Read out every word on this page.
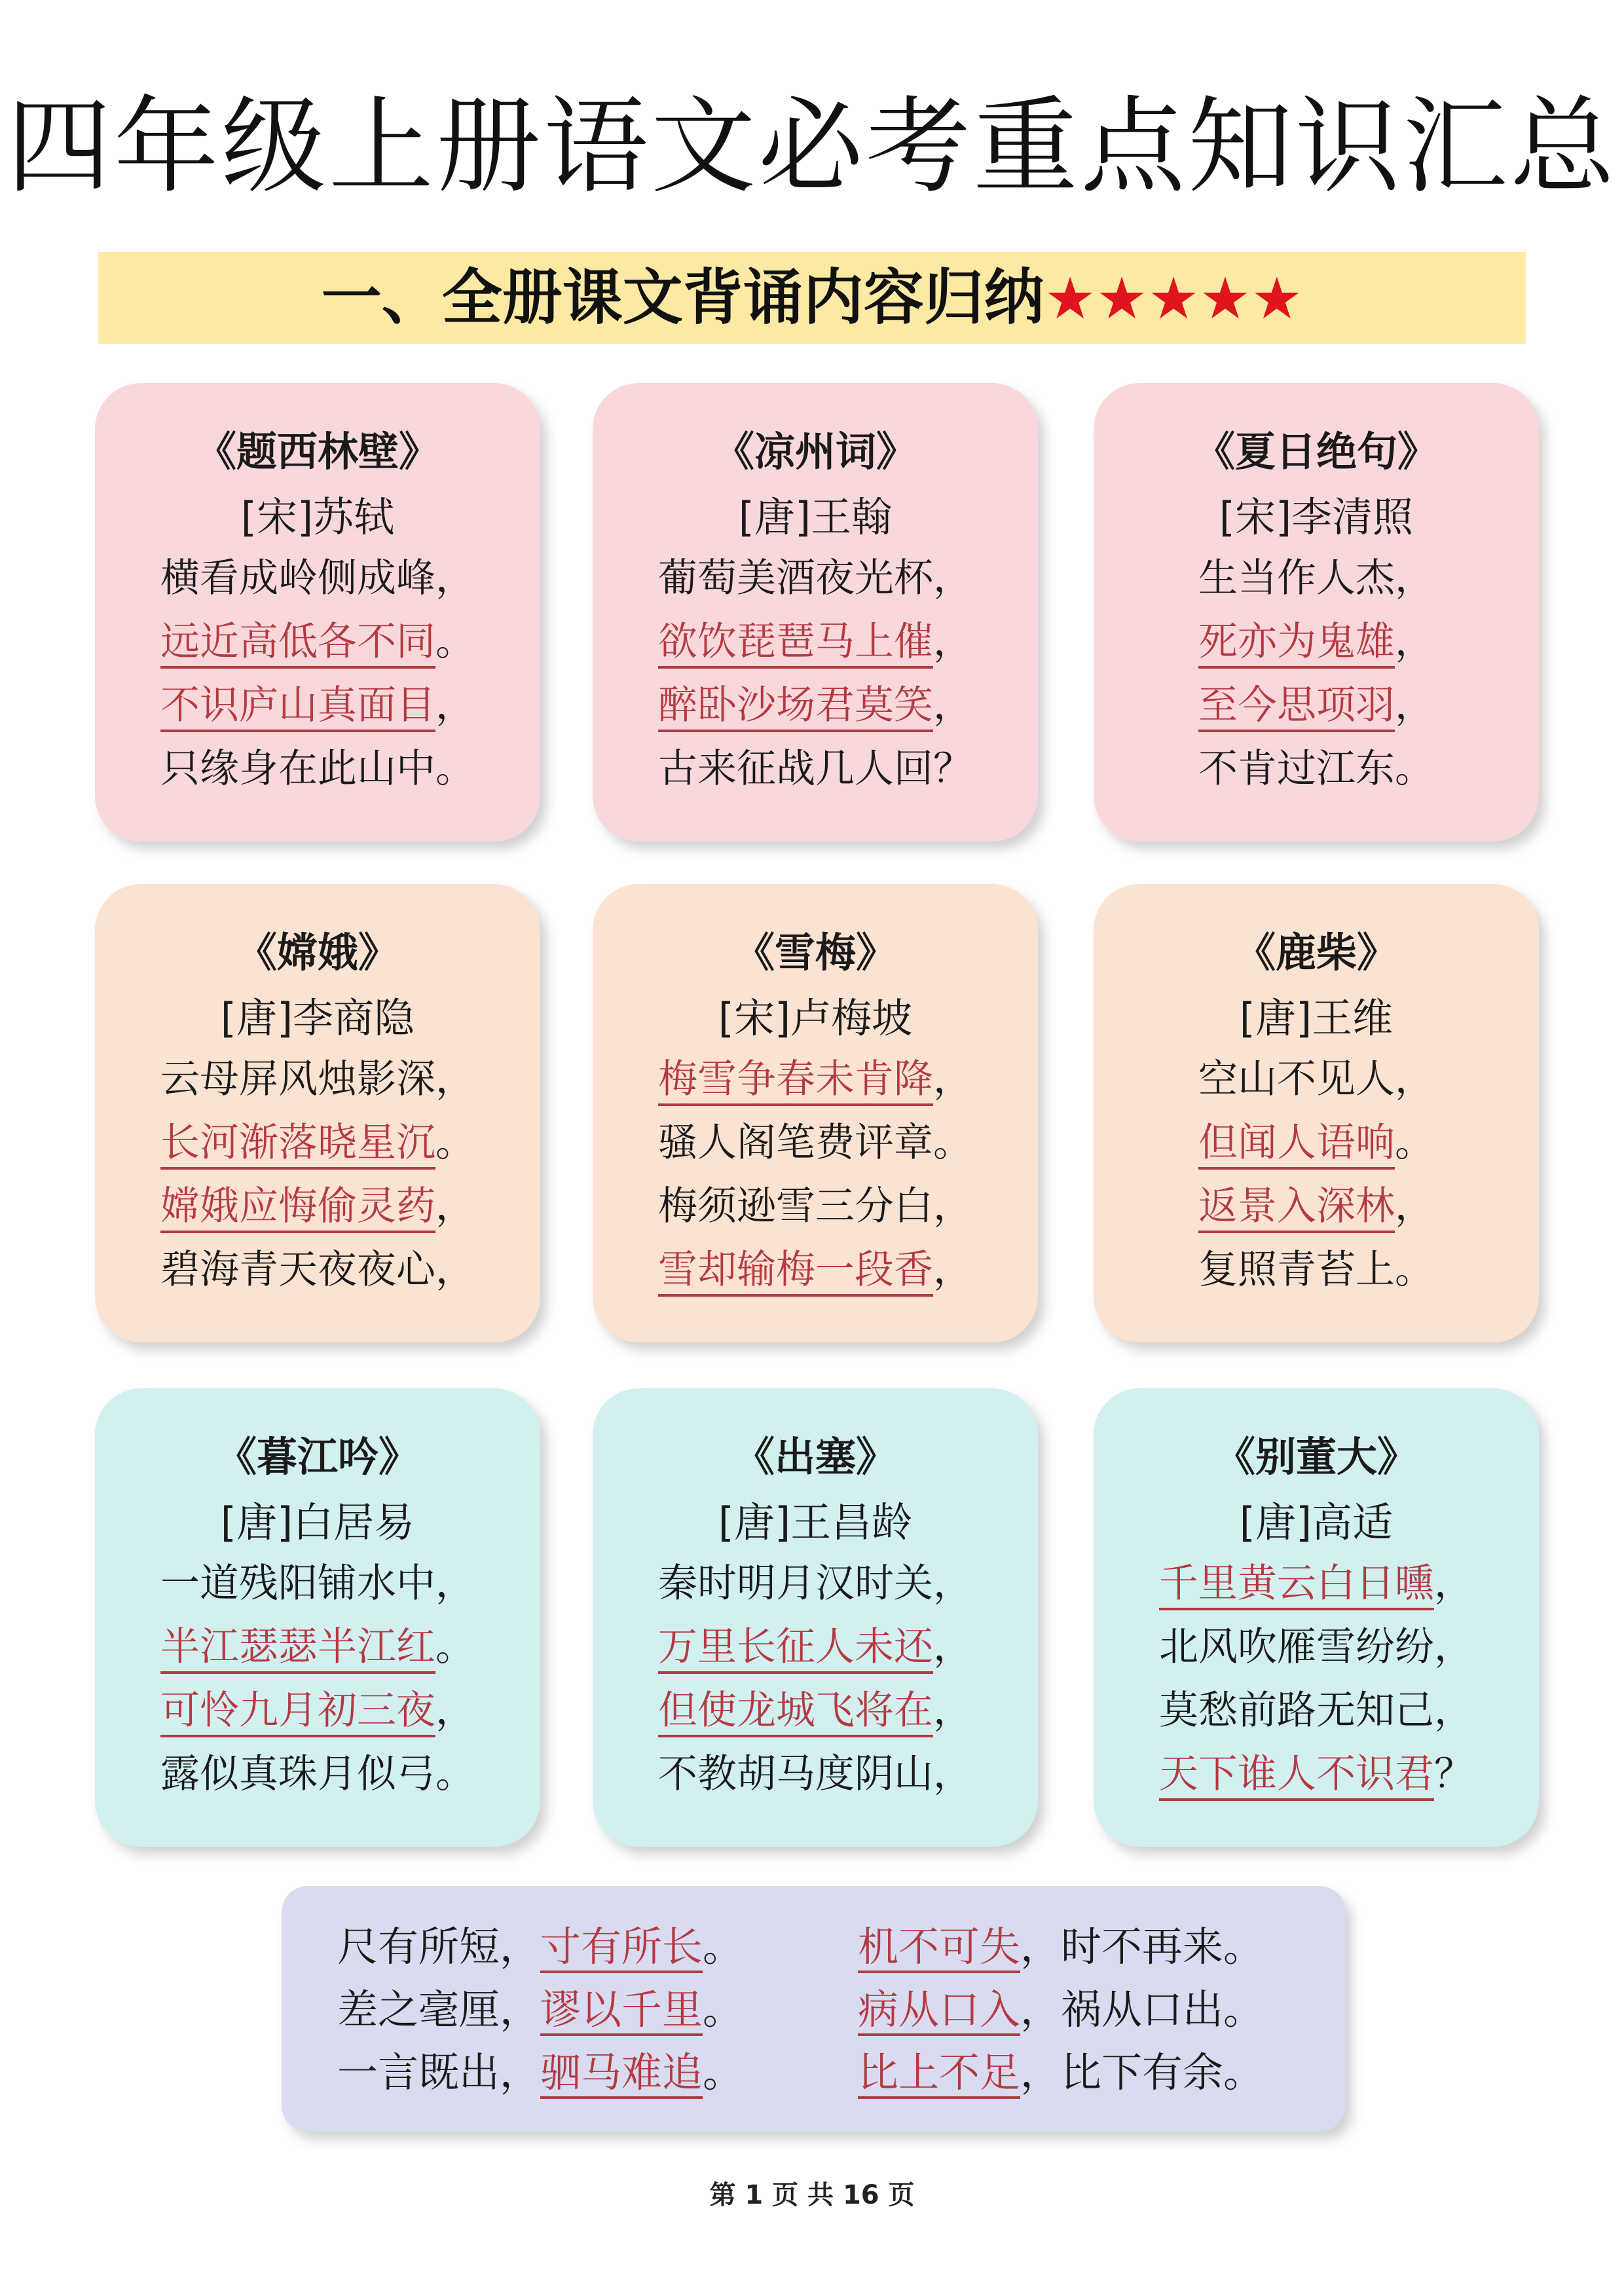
四年级上册语文必考重点知识汇总
一、全册课文背诵内容归纳★★★★★
《题西林壁》
[宋]苏轼
横看成岭侧成峰，
远近高低各不同。
不识庐山真面目，
只缘身在此山中。
《凉州词》
[唐]王翰
葡萄美酒夜光杯，
欲饮琵琶马上催，
醉卧沙场君莫笑，
古来征战几人回？
《夏日绝句》
[宋]李清照
生当作人杰，
死亦为鬼雄，
至今思项羽，
不肯过江东。
《嫦娥》
[唐]李商隐
云母屏风烛影深，
长河渐落晓星沉。
嫦娥应悔偷灵药，
碧海青天夜夜心，
《雪梅》
[宋]卢梅坡
梅雪争春未肯降，
骚人阁笔费评章。
梅须逊雪三分白，
雪却输梅一段香，
《鹿柴》
[唐]王维
空山不见人，
但闻人语响。
返景入深林，
复照青苔上。
《暮江吟》
[唐]白居易
一道残阳铺水中，
半江瑟瑟半江红。
可怜九月初三夜，
露似真珠月似弓。
《出塞》
[唐]王昌龄
秦时明月汉时关，
万里长征人未还，
但使龙城飞将在，
不教胡马度阴山，
《别董大》
[唐]高适
千里黄云白日曛，
北风吹雁雪纷纷，
莫愁前路无知己，
天下谁人不识君？
尺有所短，寸有所长。
差之毫厘，谬以千里。
一言既出，驷马难追。
机不可失，时不再来。
病从口入，祸从口出。
比上不足，比下有余。
第 1 页 共 16 页
